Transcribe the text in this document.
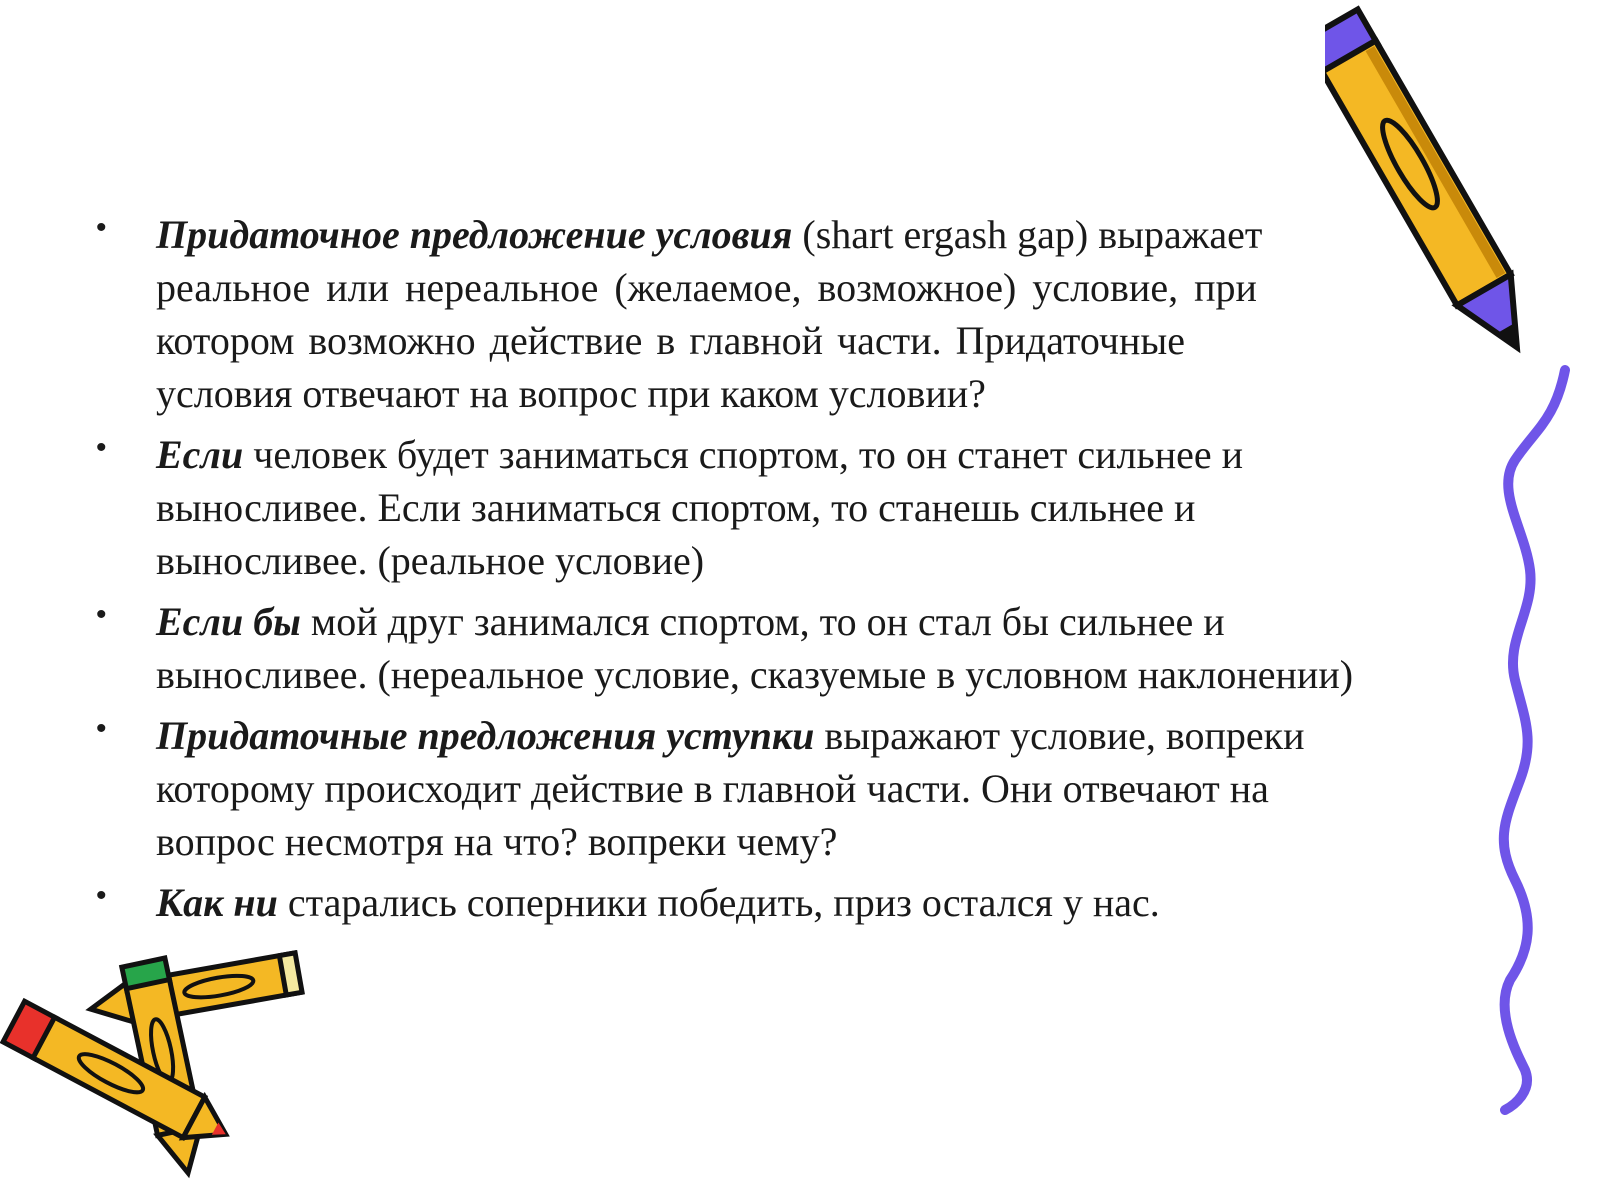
• Придаточное предложение условия (shart ergash gap) выражает
реальное или нереальное (желаемое, возможное) условие, при
котором возможно действие в главной части. Придаточные
условия отвечают на вопрос при каком условии?
• Если человек будет заниматься спортом, то он станет сильнее и
выносливее. Если заниматься спортом, то станешь сильнее и
выносливее. (реальное условие)
• Если бы мой друг занимался спортом, то он стал бы сильнее и
выносливее. (нереальное условие, сказуемые в условном наклонении)
• Придаточные предложения уступки выражают условие, вопреки
которому происходит действие в главной части. Они отвечают на
вопрос несмотря на что? вопреки чему?
• Как ни старались соперники победить, приз остался у нас.
